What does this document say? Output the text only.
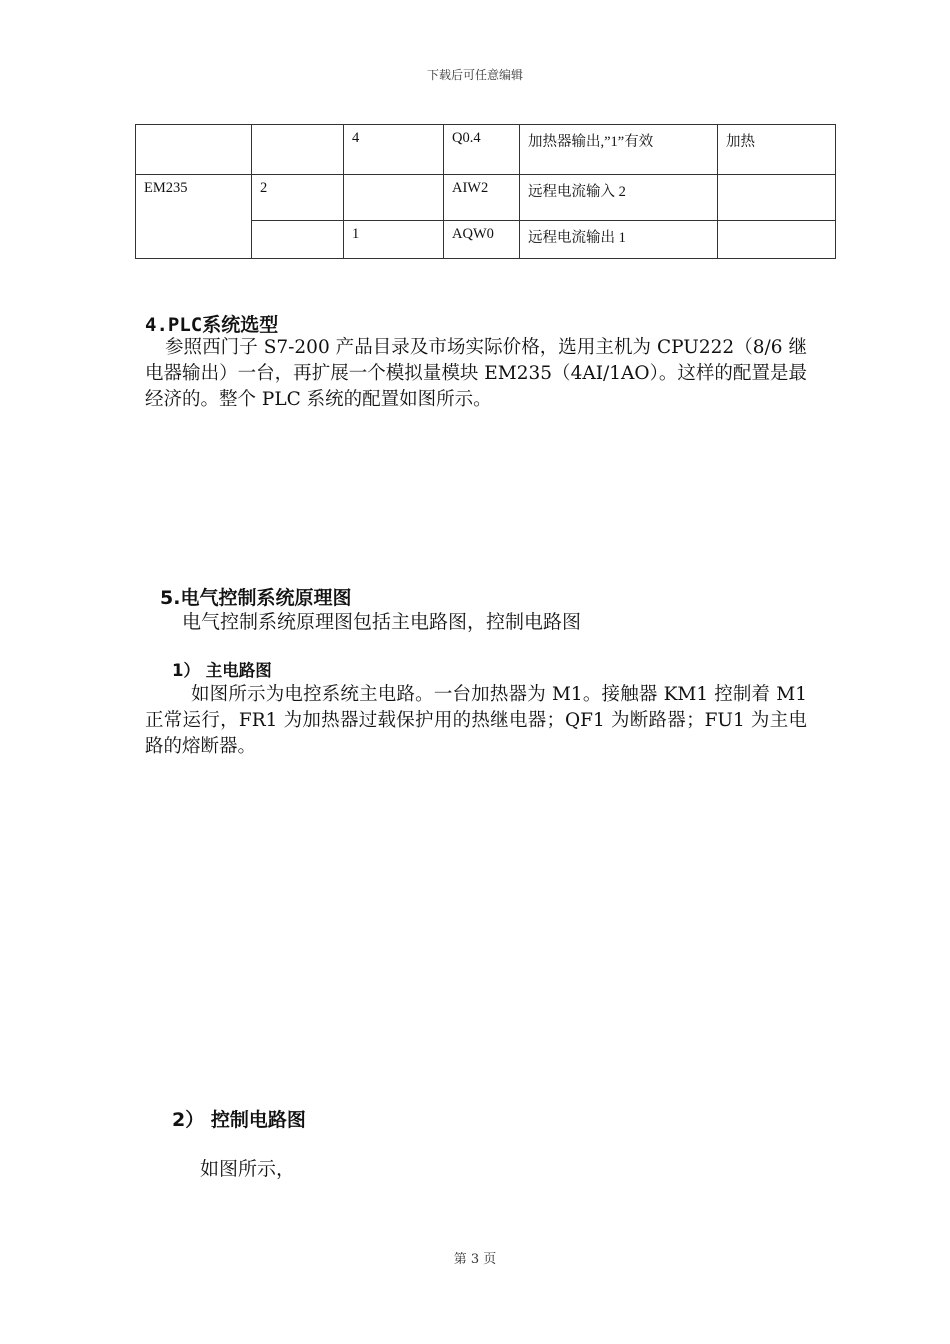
下载后可任意编辑
		4	Q0.4	加热器输出,”1”有效	加热
EM235	2		AIW2	远程电流输入 2	
		1	AQW0	远程电流输出 1	
4.PLC系统选型
参照西门子 S7-200 产品目录及市场实际价格，选用主机为 CPU222（8/6 继电器输出）一台，再扩展一个模拟量模块 EM235（4AI/1AO）。这样的配置是最经济的。整个 PLC 系统的配置如图所示。
5.电气控制系统原理图
电气控制系统原理图包括主电路图，控制电路图
1） 主电路图
如图所示为电控系统主电路。一台加热器为 M1。接触器 KM1 控制着 M1 正常运行，FR1 为加热器过载保护用的热继电器；QF1 为断路器；FU1 为主电路的熔断器。
2） 控制电路图
如图所示，
第 3 页
